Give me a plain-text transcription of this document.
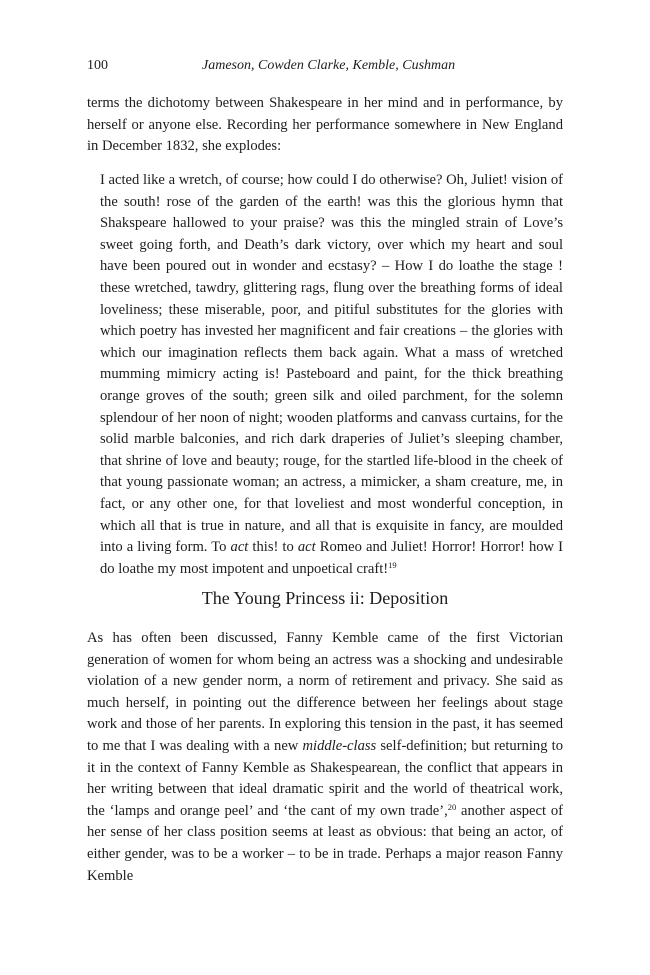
100	Jameson, Cowden Clarke, Kemble, Cushman

terms the dichotomy between Shakespeare in her mind and in performance, by herself or anyone else. Recording her performance somewhere in New England in December 1832, she explodes:

I acted like a wretch, of course; how could I do otherwise? Oh, Juliet! vision of the south! rose of the garden of the earth! was this the glorious hymn that Shakspeare hallowed to your praise? was this the mingled strain of Love’s sweet going forth, and Death’s dark victory, over which my heart and soul have been poured out in wonder and ecstasy? – How I do loathe the stage ! these wretched, tawdry, glittering rags, flung over the breathing forms of ideal loveliness; these miserable, poor, and pitiful substitutes for the glories with which poetry has invested her magnificent and fair creations – the glories with which our imagination reflects them back again. What a mass of wretched mumming mimicry acting is! Pasteboard and paint, for the thick breathing orange groves of the south; green silk and oiled parchment, for the solemn splendour of her noon of night; wooden platforms and canvass curtains, for the solid marble balconies, and rich dark draperies of Juliet’s sleeping chamber, that shrine of love and beauty; rouge, for the startled life-blood in the cheek of that young passionate woman; an actress, a mimicker, a sham creature, me, in fact, or any other one, for that loveliest and most wonderful conception, in which all that is true in nature, and all that is exquisite in fancy, are moulded into a living form. To act this! to act Romeo and Juliet! Horror! Horror! how I do loathe my most impotent and unpoetical craft!$^{19}$

The Young Princess ii: Deposition

As has often been discussed, Fanny Kemble came of the first Victorian generation of women for whom being an actress was a shocking and undesirable violation of a new gender norm, a norm of retirement and privacy. She said as much herself, in pointing out the difference between her feelings about stage work and those of her parents. In exploring this tension in the past, it has seemed to me that I was dealing with a new middle-class self-definition; but returning to it in the context of Fanny Kemble as Shakespearean, the conflict that appears in her writing between that ideal dramatic spirit and the world of theatrical work, the ‘lamps and orange peel’ and ‘the cant of my own trade’,$^{20}$ another aspect of her sense of her class position seems at least as obvious: that being an actor, of either gender, was to be a worker – to be in trade. Perhaps a major reason Fanny Kemble
